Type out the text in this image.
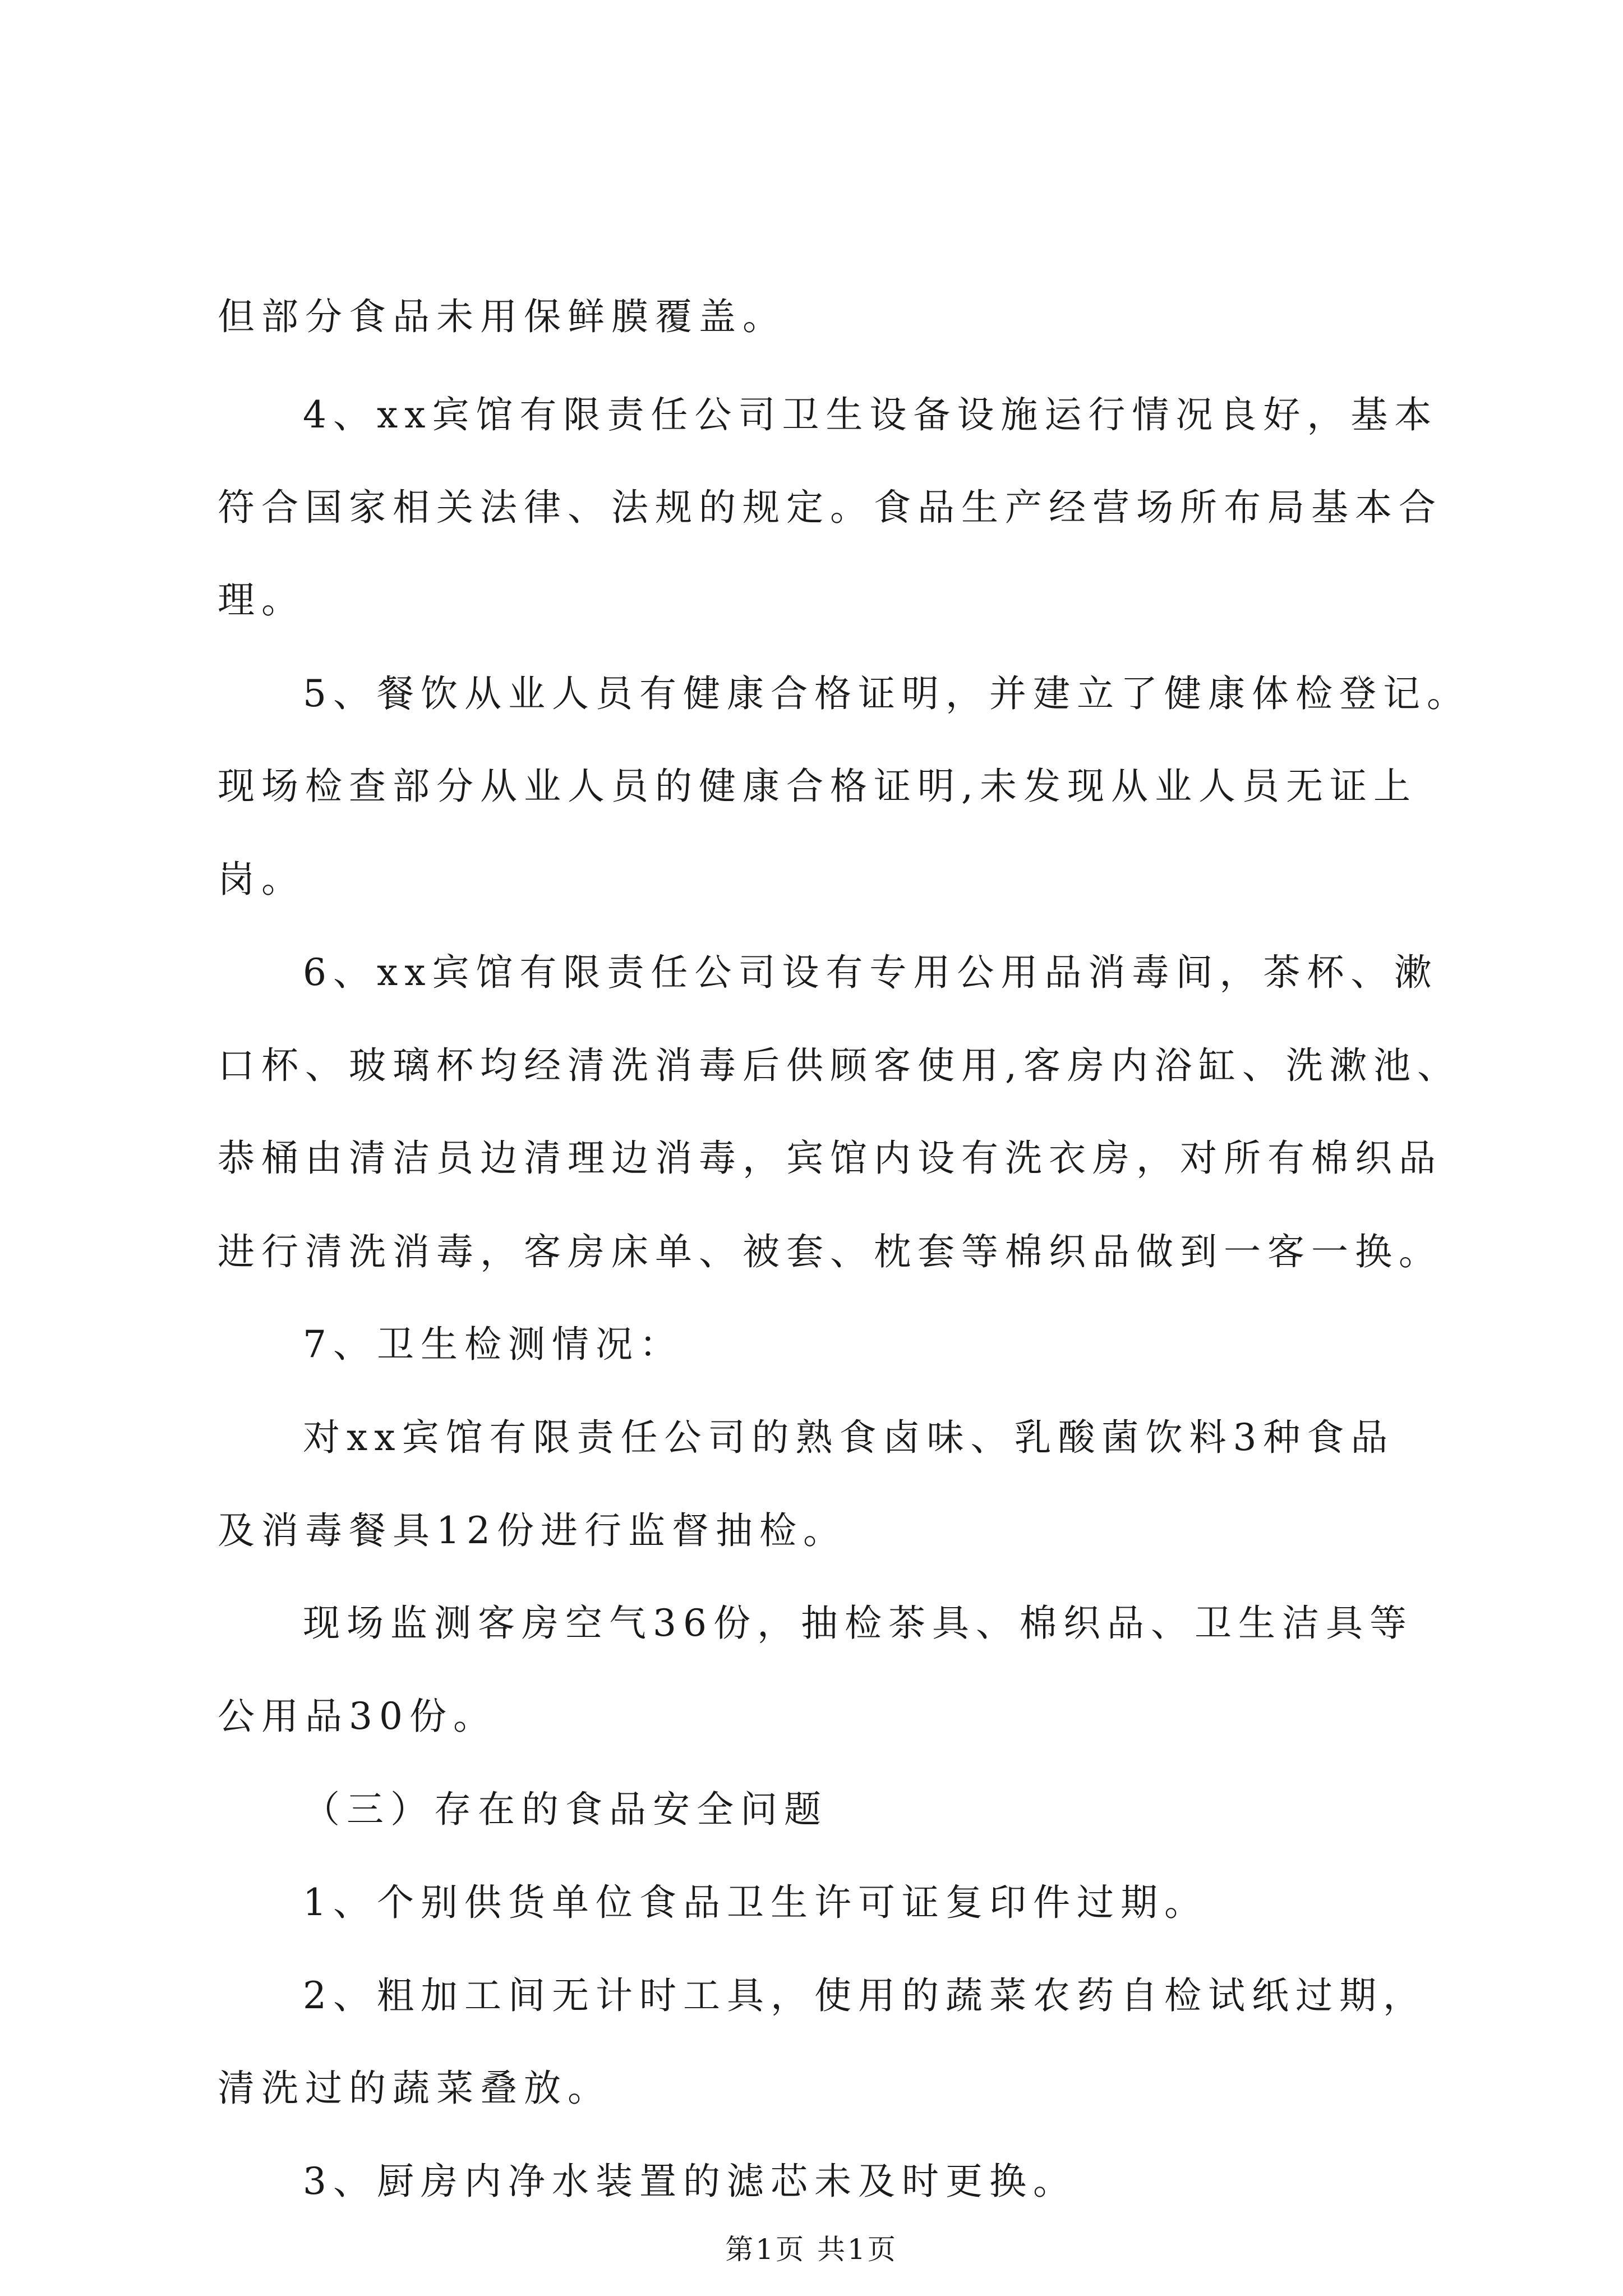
但部分食品未用保鲜膜覆盖。
4、xx宾馆有限责任公司卫生设备设施运行情况良好，基本
符合国家相关法律、法规的规定。食品生产经营场所布局基本合
理。
5、餐饮从业人员有健康合格证明，并建立了健康体检登记。
现场检查部分从业人员的健康合格证明,未发现从业人员无证上
岗。
6、xx宾馆有限责任公司设有专用公用品消毒间，茶杯、漱
口杯、玻璃杯均经清洗消毒后供顾客使用,客房内浴缸、洗漱池、
恭桶由清洁员边清理边消毒，宾馆内设有洗衣房，对所有棉织品
进行清洗消毒，客房床单、被套、枕套等棉织品做到一客一换。
7、卫生检测情况：
对xx宾馆有限责任公司的熟食卤味、乳酸菌饮料3种食品
及消毒餐具12份进行监督抽检。
现场监测客房空气36份，抽检茶具、棉织品、卫生洁具等
公用品30份。
（三）存在的食品安全问题
1、个别供货单位食品卫生许可证复印件过期。
2、粗加工间无计时工具，使用的蔬菜农药自检试纸过期，
清洗过的蔬菜叠放。
3、厨房内净水装置的滤芯未及时更换。
第1页 共1页
